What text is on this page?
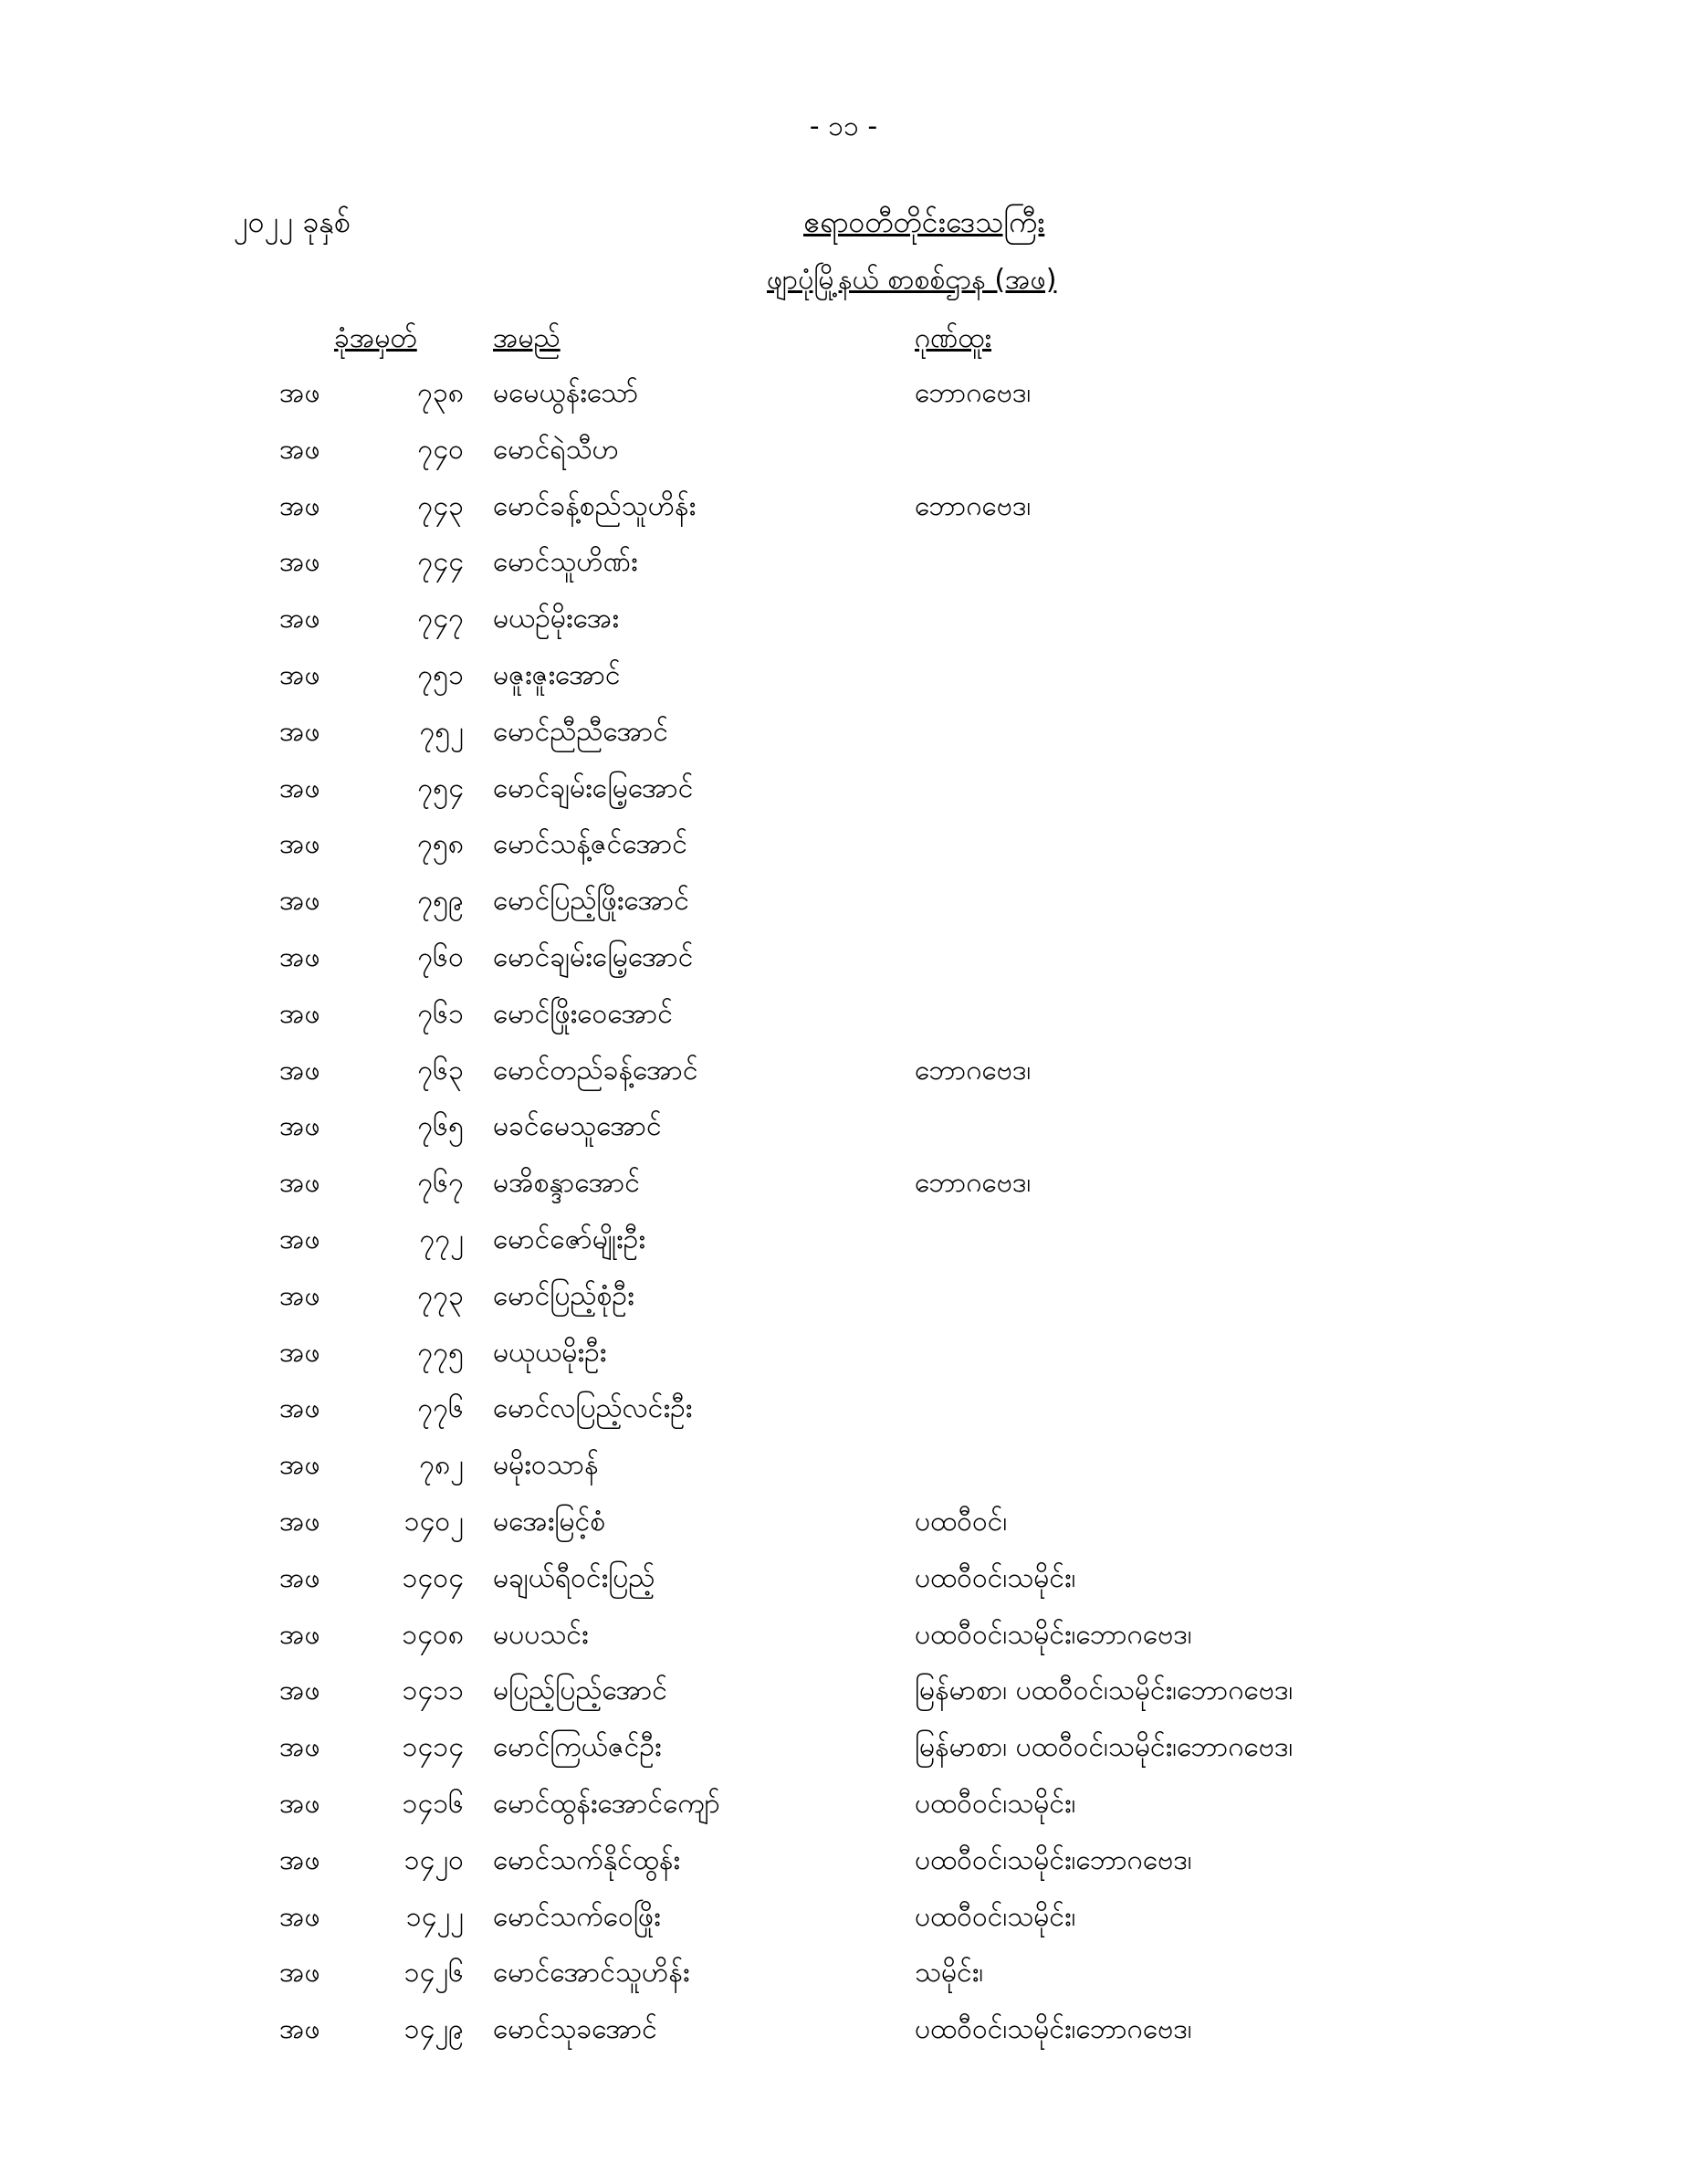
- ၁၁ -
၂၀၂၂ ခုနှစ်	ဧရာဝတီတိုင်းဒေသကြီး
ဖျာပုံမြို့နယ် စာစစ်ဌာန (အဖ)
ခုံအမှတ်	အမည်	ဂုဏ်ထူး
အဖ	၇၃၈ မမေယွန်းသော်	ဘောဂဗေဒ၊
အဖ	၇၄၀ မောင်ရဲသီဟ
အဖ	၇၄၃ မောင်ခန့်စည်သူဟိန်း	ဘောဂဗေဒ၊
အဖ	၇၄၄ မောင်သူဟိဏ်း
အဖ	၇၄၇ မယဉ်မိုးအေး
အဖ	၇၅၁ မဇူးဇူးအောင်
အဖ	၇၅၂ မောင်ညီညီအောင်
အဖ	၇၅၄ မောင်ချမ်းမြေ့အောင်
အဖ	၇၅၈ မောင်သန့်ဇင်အောင်
အဖ	၇၅၉ မောင်ပြည့်ဖြိုးအောင်
အဖ	၇၆၀ မောင်ချမ်းမြေ့အောင်
အဖ	၇၆၁ မောင်ဖြိုးဝေအောင်
အဖ	၇၆၃ မောင်တည်ခန့်အောင်	ဘောဂဗေဒ၊
အဖ	၇၆၅ မခင်မေသူအောင်
အဖ	၇၆၇ မအိစန္ဒာအောင်	ဘောဂဗေဒ၊
အဖ	၇၇၂ မောင်ဇော်မျိုးဦး
အဖ	၇၇၃ မောင်ပြည့်စုံဦး
အဖ	၇၇၅ မယုယမိုးဦး
အဖ	၇၇၆ မောင်လပြည့်လင်းဦး
အဖ	၇၈၂ မမိုးဝသာန်
အဖ	၁၄၀၂ မအေးမြင့်စံ	ပထဝီဝင်၊
အဖ	၁၄၀၄ မချယ်ရီဝင်းပြည့်	ပထဝီဝင်၊သမိုင်း၊
အဖ	၁၄၀၈ မပပသင်း	ပထဝီဝင်၊သမိုင်း၊ဘောဂဗေဒ၊
အဖ	၁၄၁၁ မပြည့်ပြည့်အောင်	မြန်မာစာ၊ ပထဝီဝင်၊သမိုင်း၊ဘောဂဗေဒ၊
အဖ	၁၄၁၄ မောင်ကြယ်ဇင်ဦး	မြန်မာစာ၊ ပထဝီဝင်၊သမိုင်း၊ဘောဂဗေဒ၊
အဖ	၁၄၁၆ မောင်ထွန်းအောင်ကျော်	ပထဝီဝင်၊သမိုင်း၊
အဖ	၁၄၂၀ မောင်သက်နိုင်ထွန်း	ပထဝီဝင်၊သမိုင်း၊ဘောဂဗေဒ၊
အဖ	၁၄၂၂ မောင်သက်ဝေဖြိုး	ပထဝီဝင်၊သမိုင်း၊
အဖ	၁၄၂၆ မောင်အောင်သူဟိန်း	သမိုင်း၊
အဖ	၁၄၂၉ မောင်သုခအောင်	ပထဝီဝင်၊သမိုင်း၊ဘောဂဗေဒ၊
